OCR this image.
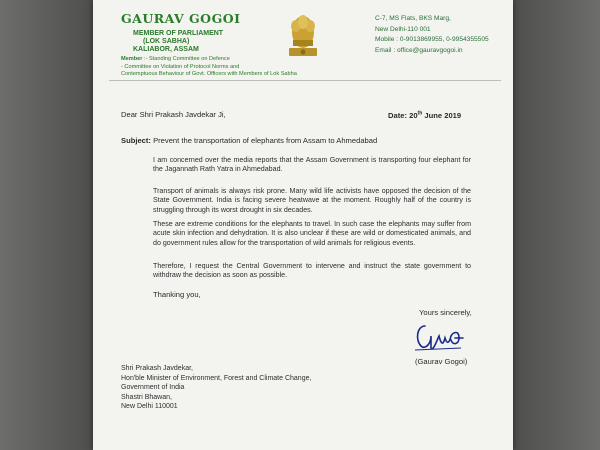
GAURAV GOGOI
MEMBER OF PARLIAMENT
(LOK SABHA)
KALIABOR, ASSAM
Member :- Standing Committee on Defence
- Committee on Violation of Protocol Norms and
Contemptuous Behaviour of Govt. Officers with Members of Lok Sabha
C-7, MS Flats, BKS Marg,
New Delhi-110 001
Mobile : 0-9013869955, 0-9954355505
Email : office@gauravgogoi.in
Dear Shri Prakash Javdekar Ji,	Date: 20th June 2019
Subject: Prevent the transportation of elephants from Assam to Ahmedabad
I am concerned over the media reports that the Assam Government is transporting four elephant for the Jagannath Rath Yatra in Ahmedabad.
Transport of animals is always risk prone. Many wild life activists have opposed the decision of the State Government. India is facing severe heatwave at the moment. Roughly half of the country is struggling through its worst drought in six decades.
These are extreme conditions for the elephants to travel. In such case the elephants may suffer from acute skin infection and dehydration. It is also unclear if these are wild or domesticated animals, and do government rules allow for the transportation of wild animals for religious events.
Therefore, I request the Central Government to intervene and instruct the state government to withdraw the decision as soon as possible.
Thanking you,
Yours sincerely,
(Gaurav Gogoi)
Shri Prakash Javdekar,
Hon'ble Minister of Environment, Forest and Climate Change,
Government of India
Shastri Bhawan,
New Delhi 110001
